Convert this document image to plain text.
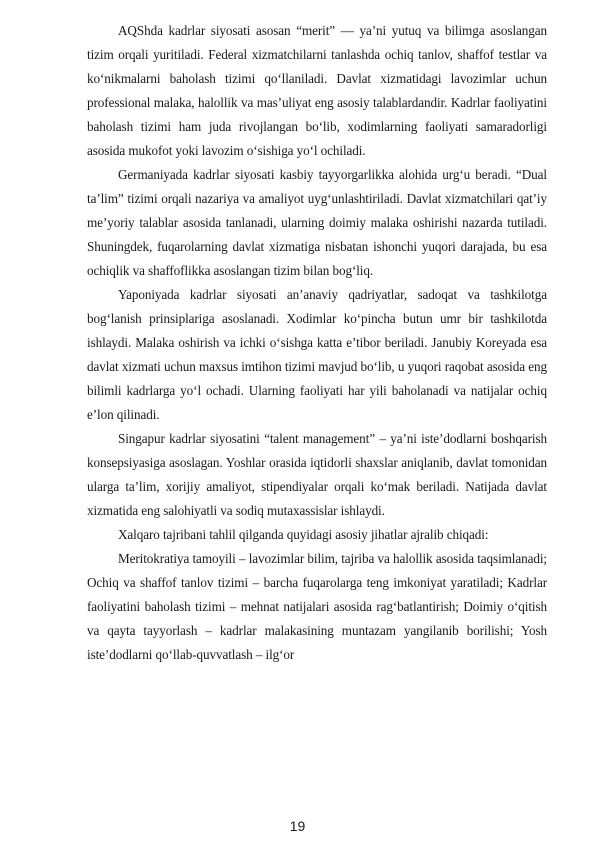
AQShda kadrlar siyosati asosan “merit” — ya’ni yutuq va bilimga asoslangan tizim orqali yuritiladi. Federal xizmatchilarni tanlashda ochiq tanlov, shaffof testlar va ko‘nikmalarni baholash tizimi qo‘llaniladi. Davlat xizmatidagi lavozimlar uchun professional malaka, halollik va mas’uliyat eng asosiy talablardandir. Kadrlar faoliyatini baholash tizimi ham juda rivojlangan bo‘lib, xodimlarning faoliyati samaradorligi asosida mukofot yoki lavozim o‘sishiga yo‘l ochiladi.

Germaniyada kadrlar siyosati kasbiy tayyorgarlikka alohida urg‘u beradi. “Dual ta’lim” tizimi orqali nazariya va amaliyot uyg‘unlashtiriladi. Davlat xizmatchilari qat’iy me’yoriy talablar asosida tanlanadi, ularning doimiy malaka oshirishi nazarda tutiladi. Shuningdek, fuqarolarning davlat xizmatiga nisbatan ishonchi yuqori darajada, bu esa ochiqlik va shaffoflikka asoslangan tizim bilan bog‘liq.

Yaponiyada kadrlar siyosati an’anaviy qadriyatlar, sadoqat va tashkilotga bog‘lanish prinsiplariga asoslanadi. Xodimlar ko‘pincha butun umr bir tashkilotda ishlaydi. Malaka oshirish va ichki o‘sishga katta e’tibor beriladi. Janubiy Koreyada esa davlat xizmati uchun maxsus imtihon tizimi mavjud bo‘lib, u yuqori raqobat asosida eng bilimli kadrlarga yo‘l ochadi. Ularning faoliyati har yili baholanadi va natijalar ochiq e’lon qilinadi.

Singapur kadrlar siyosatini “talent management” – ya’ni iste’dodlarni boshqarish konsepsiyasiga asoslagan. Yoshlar orasida iqtidorli shaxslar aniqlanib, davlat tomonidan ularga ta’lim, xorijiy amaliyot, stipendiyalar orqali ko‘mak beriladi. Natijada davlat xizmatida eng salohiyatli va sodiq mutaxassislar ishlaydi.

Xalqaro tajribani tahlil qilganda quyidagi asosiy jihatlar ajralib chiqadi:

Meritokratiya tamoyili – lavozimlar bilim, tajriba va halollik asosida taqsimlanadi; Ochiq va shaffof tanlov tizimi – barcha fuqarolarga teng imkoniyat yaratiladi; Kadrlar faoliyatini baholash tizimi – mehnat natijalari asosida rag‘batlantirish; Doimiy o‘qitish va qayta tayyorlash – kadrlar malakasining muntazam yangilanib borilishi; Yosh iste’dodlarni qo‘llab-quvvatlash – ilg‘or

19
